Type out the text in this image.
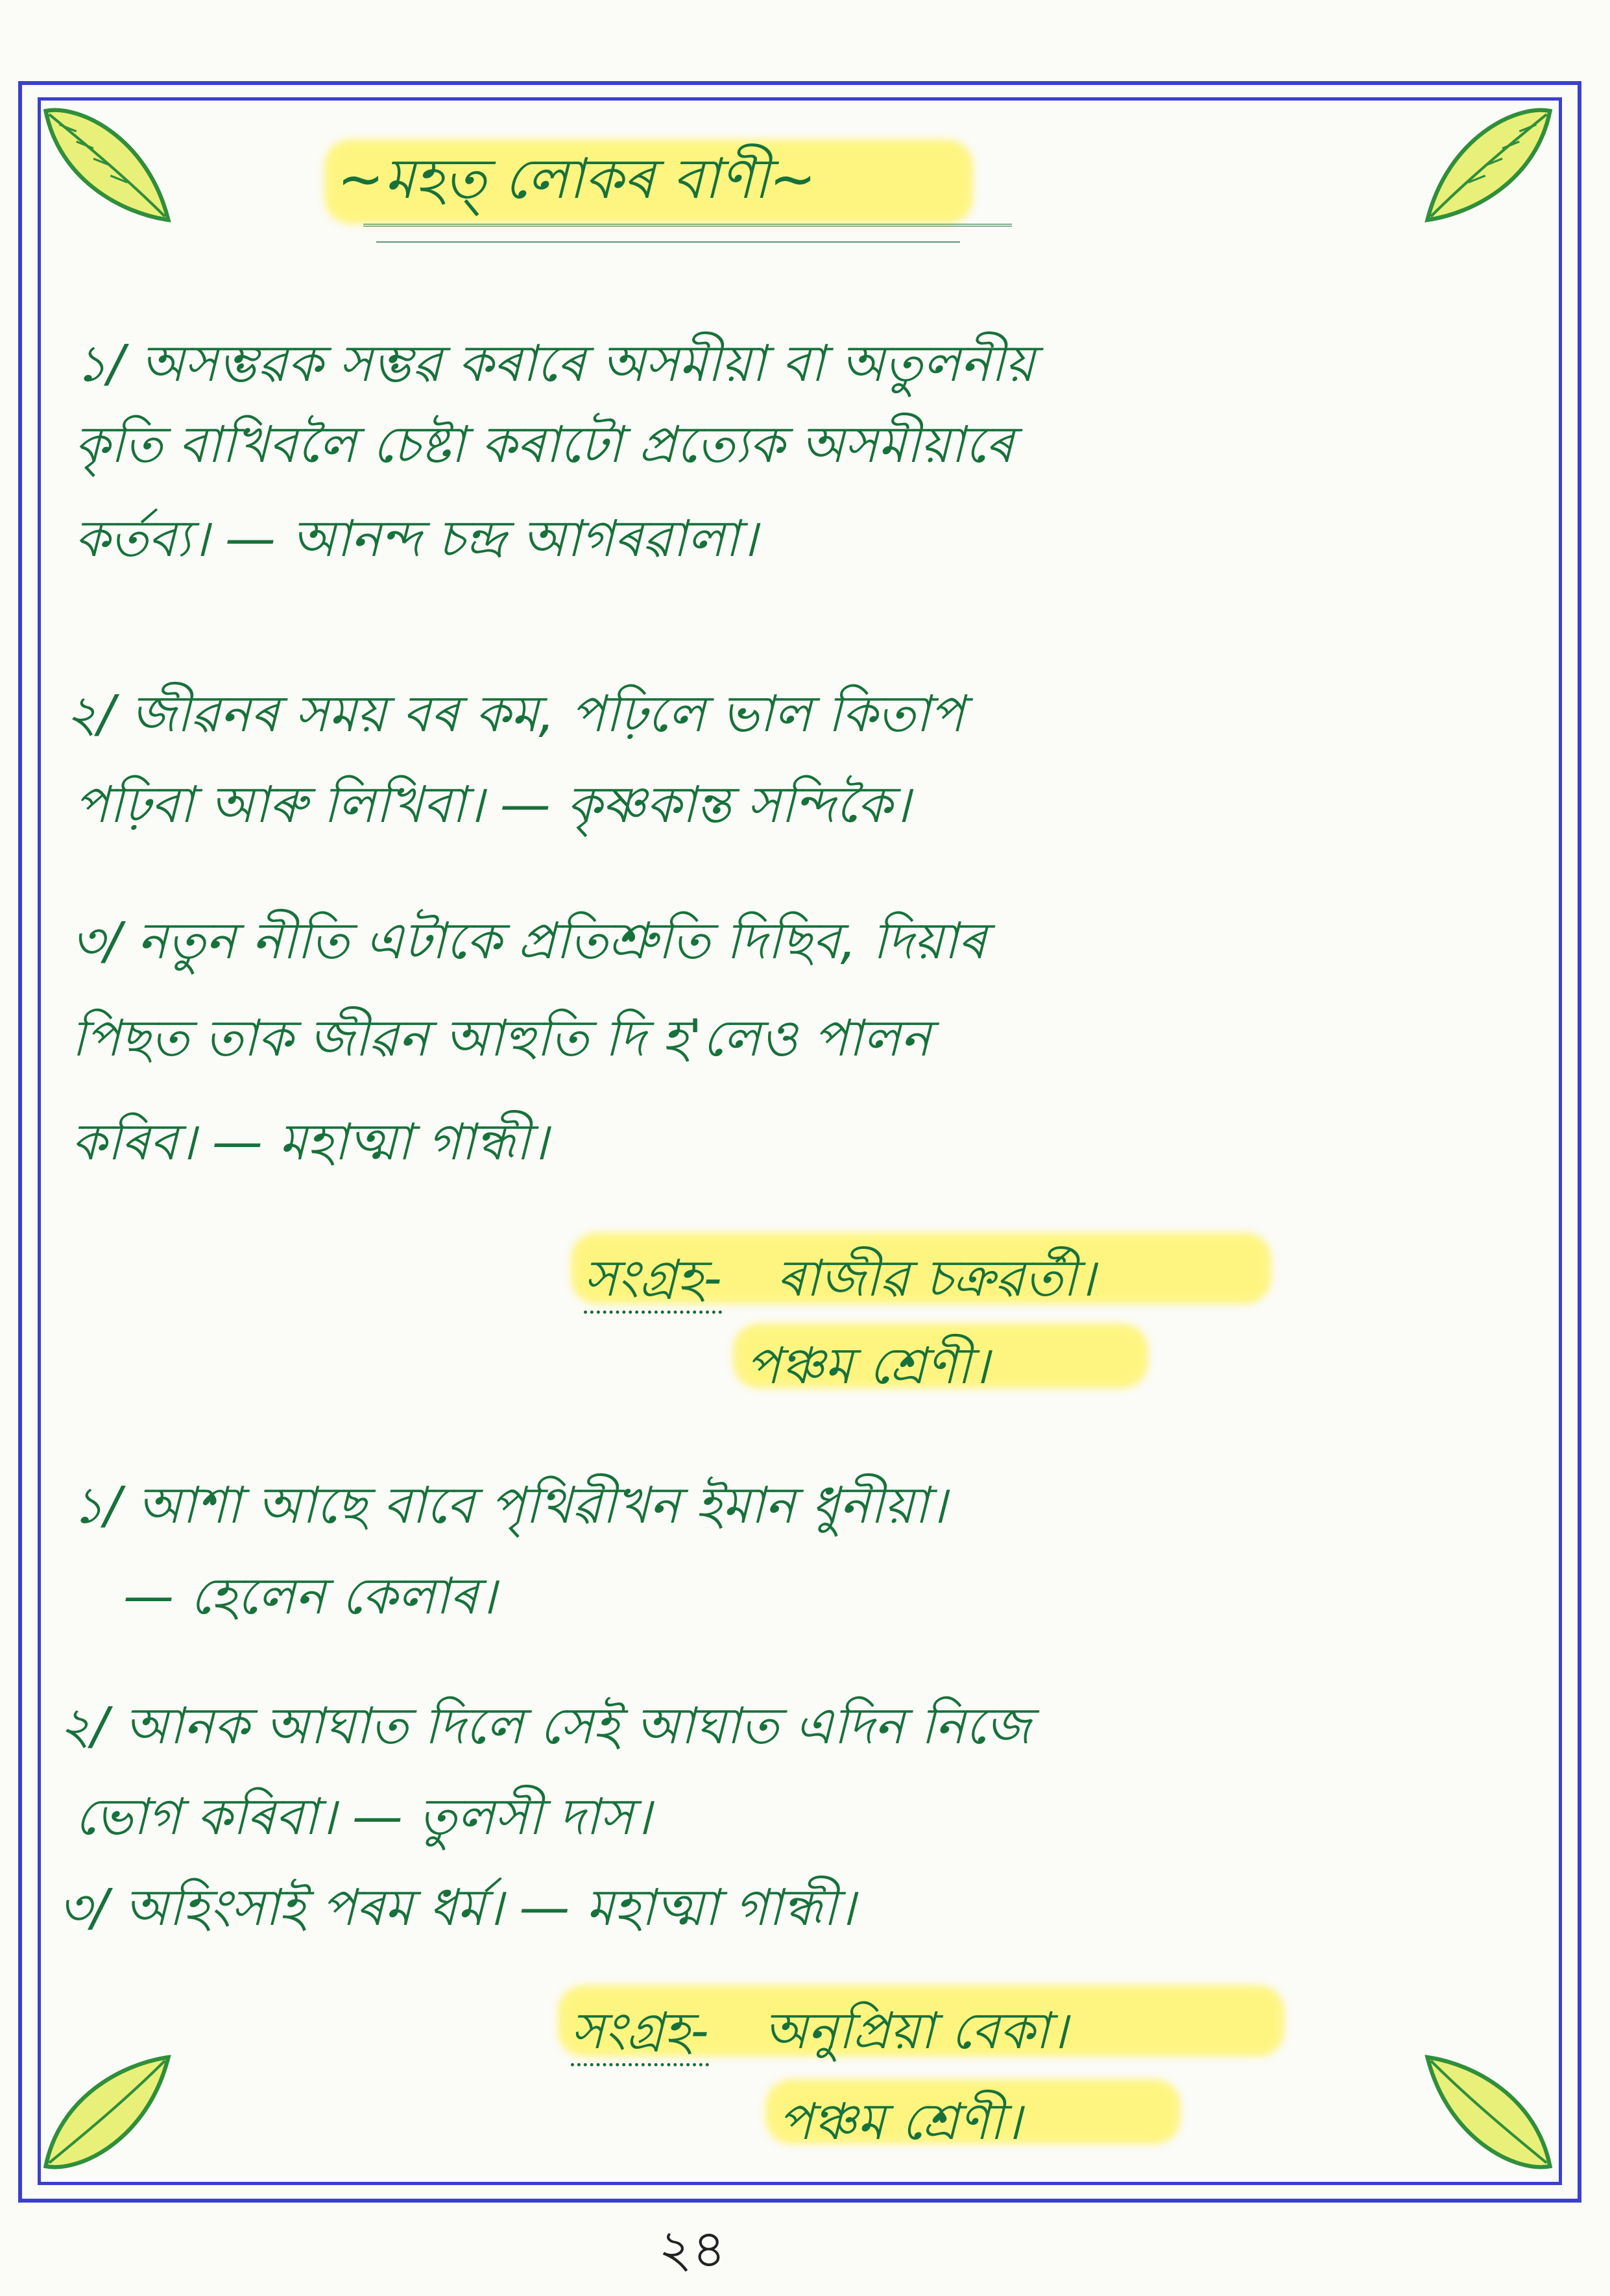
~মহত্ লোকৰ বাণী~
১/ অসম্ভৱক সম্ভৱ কৰাৰে অসমীয়া বা অতুলনীয়
কৃতি বাখিবলৈ চেষ্টা কৰাটো প্ৰত্যেক অসমীয়াৰে
কৰ্তব্য। — আনন্দ চন্দ্ৰ আগৰৱালা।
২/ জীৱনৰ সময় বৰ কম, পঢ়িলে ভাল কিতাপ
পঢ়িবা আৰু লিখিবা। — কৃষ্ণকান্ত সন্দিকৈ।
৩/ নতুন নীতি এটাকে প্ৰতিশ্ৰুতি দিছিব, দিয়াৰ
পিছত তাক জীৱন আহুতি দি হ'লেও পালন
কৰিব। — মহাত্মা গান্ধী।
সংগ্ৰহ- ৰাজীৱ চক্ৰৱৰ্তী।
পঞ্চম শ্ৰেণী।
১/ আশা আছে বাবে পৃথিৱীখন ইমান ধুনীয়া।
— হেলেন কেলাৰ।
২/ আনক আঘাত দিলে সেই আঘাত এদিন নিজে
ভোগ কৰিবা। — তুলসী দাস।
৩/ অহিংসাই পৰম ধৰ্ম। — মহাত্মা গান্ধী।
সংগ্ৰহ- অনুপ্ৰিয়া বেকা।
পঞ্চম শ্ৰেণী।
২৪
